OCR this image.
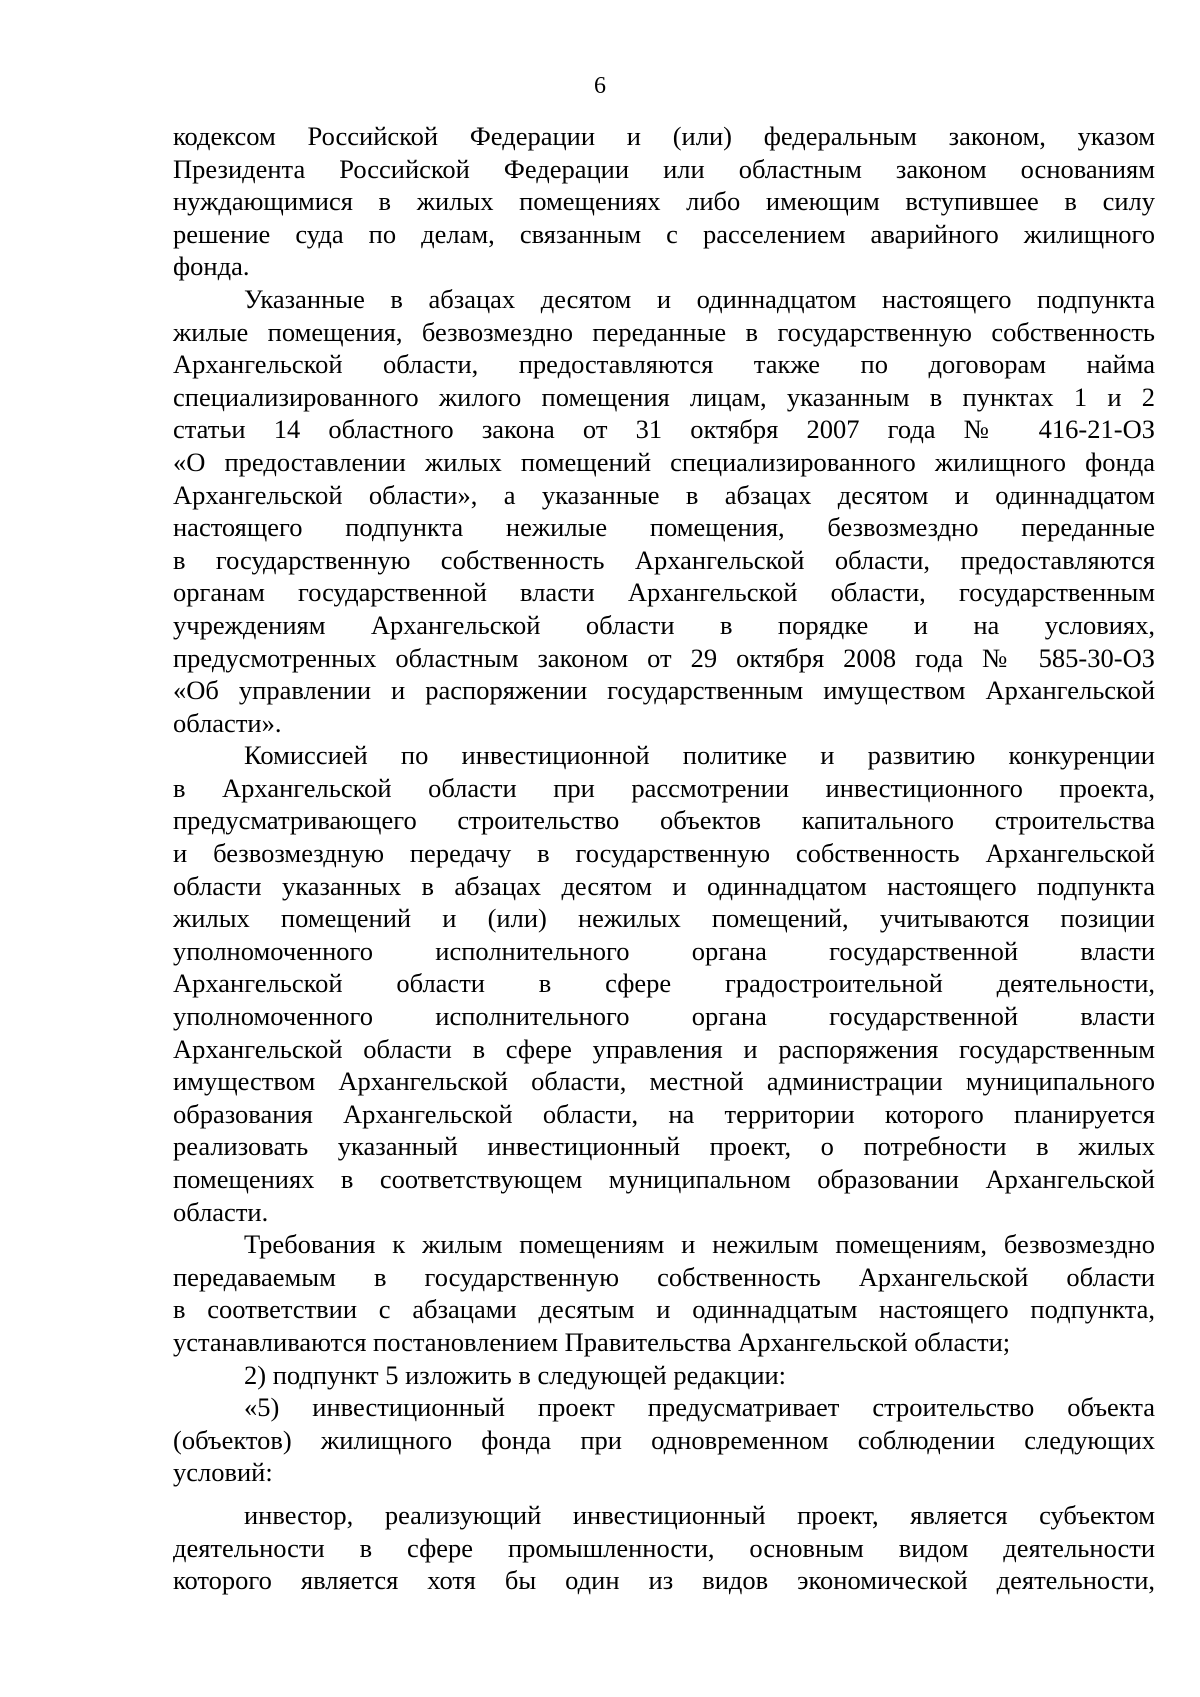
6
кодексом Российской Федерации и (или) федеральным законом, указом
Президента Российской Федерации или областным законом основаниям
нуждающимися в жилых помещениях либо имеющим вступившее в силу
решение суда по делам, связанным с расселением аварийного жилищного
фонда.
Указанные в абзацах десятом и одиннадцатом настоящего подпункта
жилые помещения, безвозмездно переданные в государственную собственность
Архангельской области, предоставляются также по договорам найма
специализированного жилого помещения лицам, указанным в пунктах 1 и 2
статьи 14 областного закона от 31 октября 2007 года № 416-21-ОЗ
«О предоставлении жилых помещений специализированного жилищного фонда
Архангельской области», а указанные в абзацах десятом и одиннадцатом
настоящего подпункта нежилые помещения, безвозмездно переданные
в государственную собственность Архангельской области, предоставляются
органам государственной власти Архангельской области, государственным
учреждениям Архангельской области в порядке и на условиях,
предусмотренных областным законом от 29 октября 2008 года № 585-30-ОЗ
«Об управлении и распоряжении государственным имуществом Архангельской
области».
Комиссией по инвестиционной политике и развитию конкуренции
в Архангельской области при рассмотрении инвестиционного проекта,
предусматривающего строительство объектов капитального строительства
и безвозмездную передачу в государственную собственность Архангельской
области указанных в абзацах десятом и одиннадцатом настоящего подпункта
жилых помещений и (или) нежилых помещений, учитываются позиции
уполномоченного исполнительного органа государственной власти
Архангельской области в сфере градостроительной деятельности,
уполномоченного исполнительного органа государственной власти
Архангельской области в сфере управления и распоряжения государственным
имуществом Архангельской области, местной администрации муниципального
образования Архангельской области, на территории которого планируется
реализовать указанный инвестиционный проект, о потребности в жилых
помещениях в соответствующем муниципальном образовании Архангельской
области.
Требования к жилым помещениям и нежилым помещениям, безвозмездно
передаваемым в государственную собственность Архангельской области
в соответствии с абзацами десятым и одиннадцатым настоящего подпункта,
устанавливаются постановлением Правительства Архангельской области;
2) подпункт 5 изложить в следующей редакции:
«5) инвестиционный проект предусматривает строительство объекта
(объектов) жилищного фонда при одновременном соблюдении следующих
условий:
инвестор, реализующий инвестиционный проект, является субъектом
деятельности в сфере промышленности, основным видом деятельности
которого является хотя бы один из видов экономической деятельности,
